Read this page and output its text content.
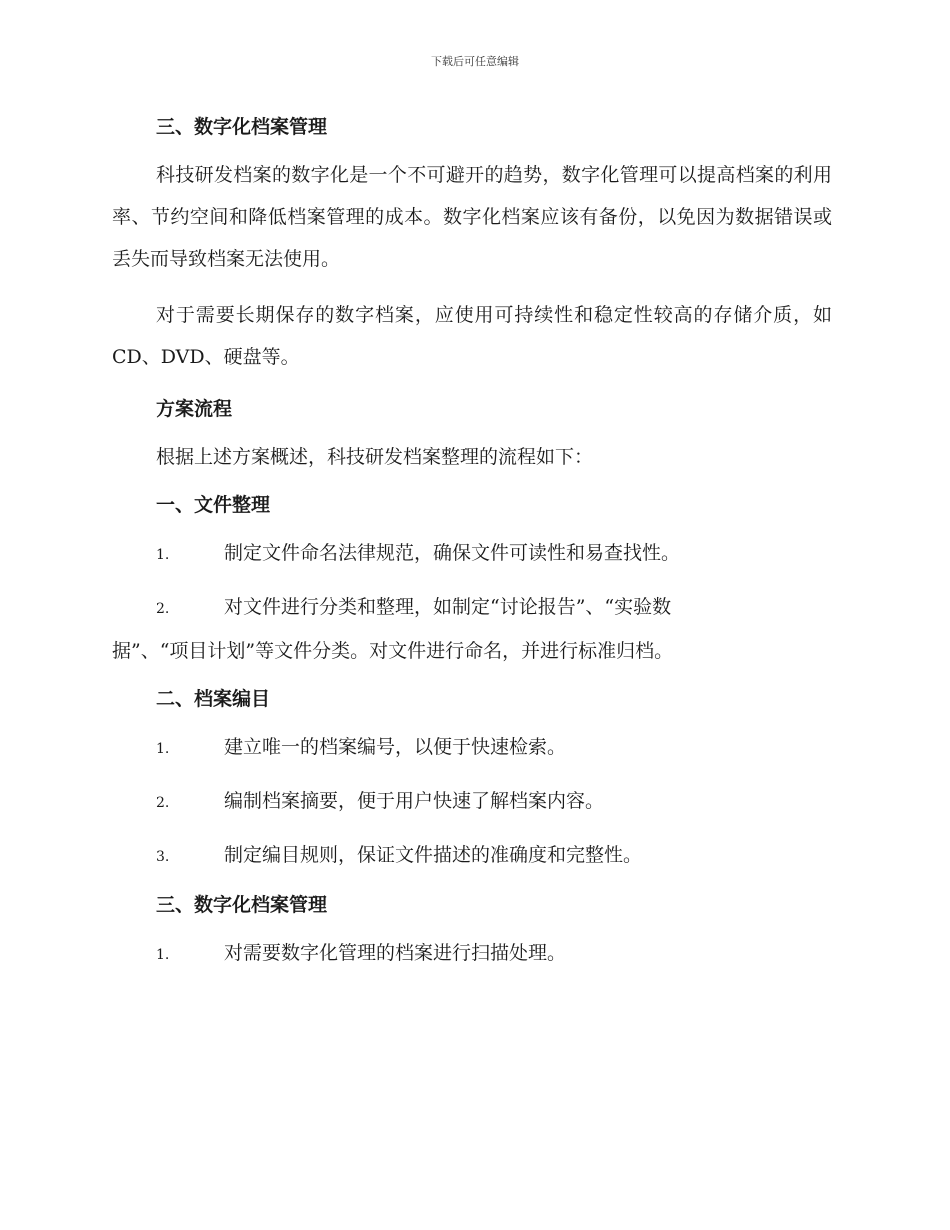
下载后可任意编辑
三、数字化档案管理

科技研发档案的数字化是一个不可避开的趋势，数字化管理可以提高档案的利用率、节约空间和降低档案管理的成本。数字化档案应该有备份，以免因为数据错误或丢失而导致档案无法使用。

对于需要长期保存的数字档案，应使用可持续性和稳定性较高的存储介质，如CD、DVD、硬盘等。

方案流程

根据上述方案概述，科技研发档案整理的流程如下：

一、文件整理

1.	制定文件命名法律规范，确保文件可读性和易查找性。

2.	对文件进行分类和整理，如制定“讨论报告”、“实验数
据”、“项目计划”等文件分类。对文件进行命名，并进行标准归档。

二、档案编目

1.	建立唯一的档案编号，以便于快速检索。

2.	编制档案摘要，便于用户快速了解档案内容。

3.	制定编目规则，保证文件描述的准确度和完整性。

三、数字化档案管理

1.	对需要数字化管理的档案进行扫描处理。
